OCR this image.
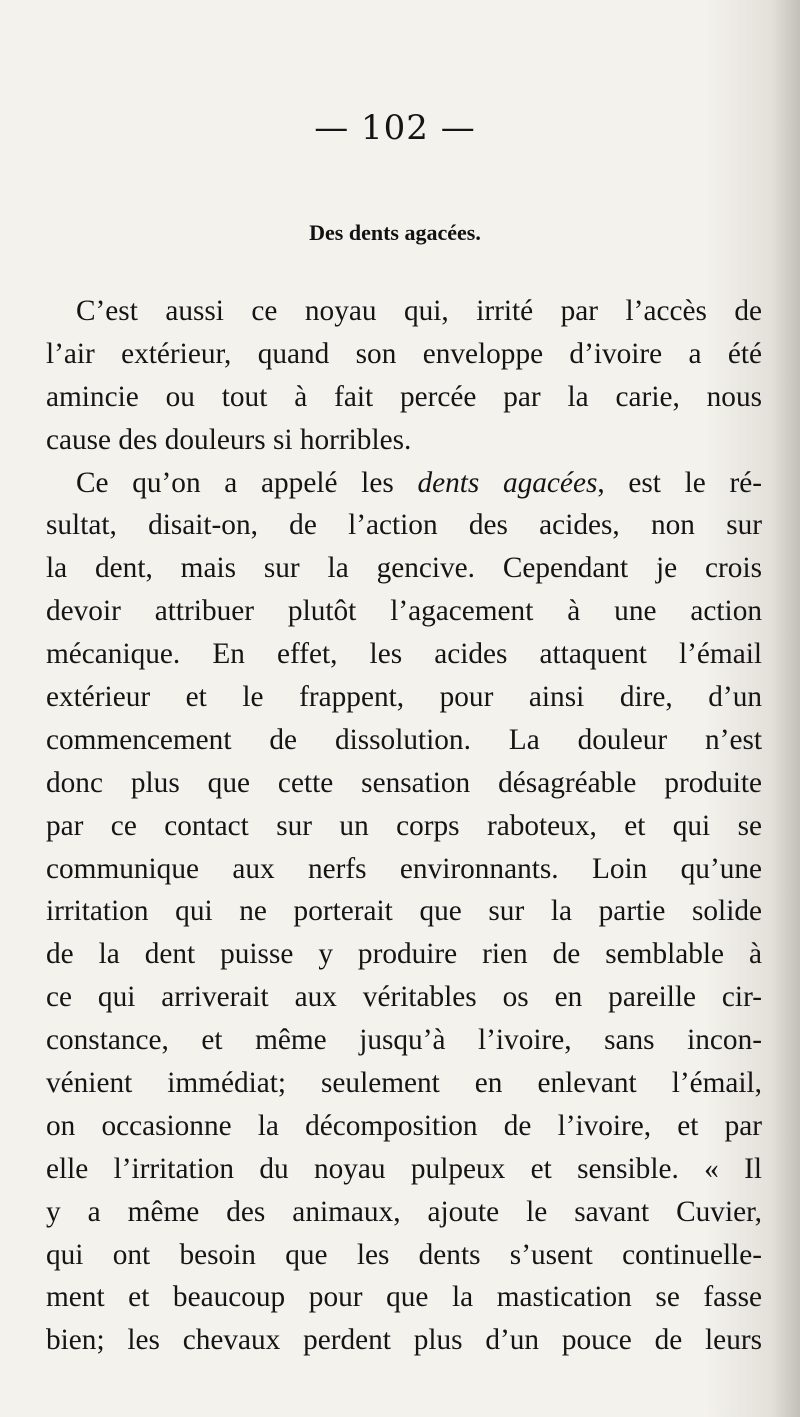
— 102 —
Des dents agacées.
C’est aussi ce noyau qui, irrité par l’accès de
l’air extérieur, quand son enveloppe d’ivoire a été
amincie ou tout à fait percée par la carie, nous
cause des douleurs si horribles.
Ce qu’on a appelé les dents agacées, est le ré-
sultat, disait-on, de l’action des acides, non sur
la dent, mais sur la gencive. Cependant je crois
devoir attribuer plutôt l’agacement à une action
mécanique. En effet, les acides attaquent l’émail
extérieur et le frappent, pour ainsi dire, d’un
commencement de dissolution. La douleur n’est
donc plus que cette sensation désagréable produite
par ce contact sur un corps raboteux, et qui se
communique aux nerfs environnants. Loin qu’une
irritation qui ne porterait que sur la partie solide
de la dent puisse y produire rien de semblable à
ce qui arriverait aux véritables os en pareille cir-
constance, et même jusqu’à l’ivoire, sans incon-
vénient immédiat; seulement en enlevant l’émail,
on occasionne la décomposition de l’ivoire, et par
elle l’irritation du noyau pulpeux et sensible. « Il
y a même des animaux, ajoute le savant Cuvier,
qui ont besoin que les dents s’usent continuelle-
ment et beaucoup pour que la mastication se fasse
bien; les chevaux perdent plus d’un pouce de leurs
